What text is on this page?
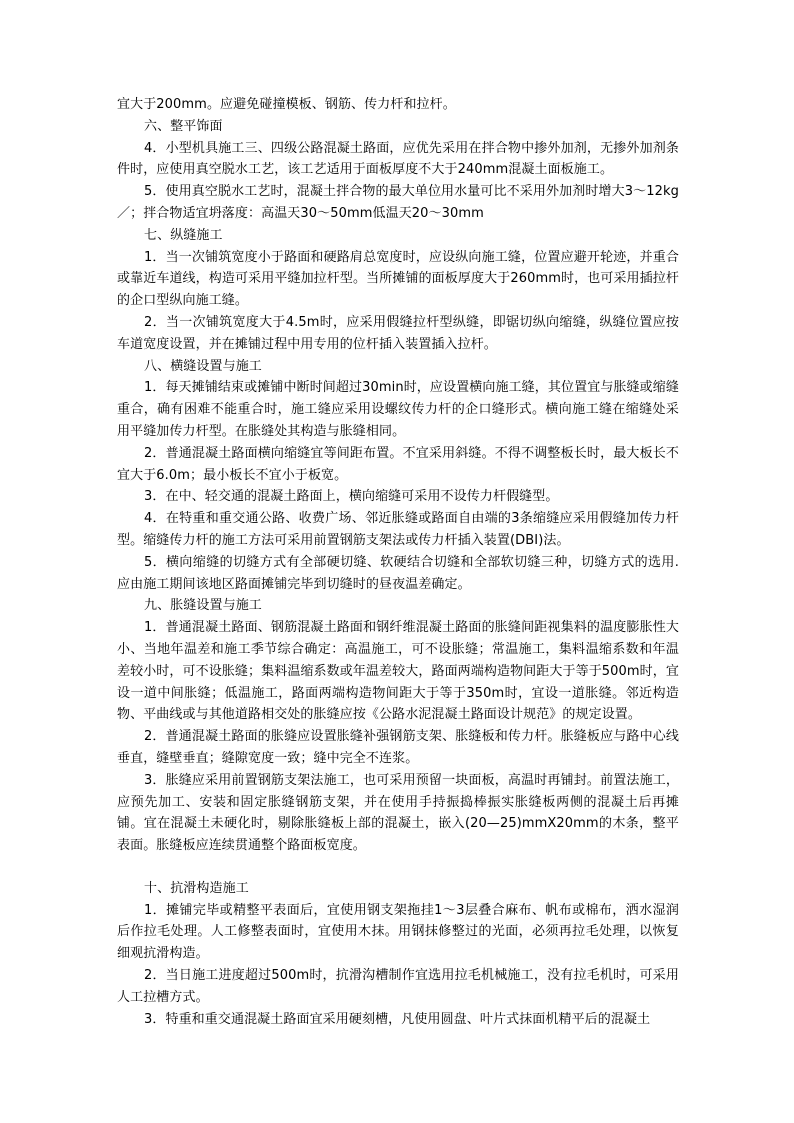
宜大于200mm。应避免碰撞模板、钢筋、传力杆和拉杆。

六、整平饰面

4．小型机具施工三、四级公路混凝土路面，应优先采用在拌合物中掺外加剂，无掺外加剂条件时，应使用真空脱水工艺，该工艺适用于面板厚度不大于240mm混凝土面板施工。

5．使用真空脱水工艺时，混凝土拌合物的最大单位用水量可比不采用外加剂时增大3～12kg／；拌合物适宜坍落度：高温天30～50mm低温天20～30mm

七、纵缝施工

1．当一次铺筑宽度小于路面和硬路肩总宽度时，应设纵向施工缝，位置应避开轮迹，并重合或靠近车道线，构造可采用平缝加拉杆型。当所摊铺的面板厚度大于260mm时，也可采用插拉杆的企口型纵向施工缝。

2．当一次铺筑宽度大于4.5m时，应采用假缝拉杆型纵缝，即锯切纵向缩缝，纵缝位置应按车道宽度设置，并在摊铺过程中用专用的位杆插入装置插入拉杆。

八、横缝设置与施工

1．每天摊铺结束或摊铺中断时间超过30min时，应设置横向施工缝，其位置宜与胀缝或缩缝重合，确有困难不能重合时，施工缝应采用设螺纹传力杆的企口缝形式。横向施工缝在缩缝处采用平缝加传力杆型。在胀缝处其构造与胀缝相同。

2．普通混凝土路面横向缩缝宜等间距布置。不宜采用斜缝。不得不调整板长时，最大板长不宜大于6.0m；最小板长不宜小于板宽。

3．在中、轻交通的混凝土路面上，横向缩缝可采用不设传力杆假缝型。

4．在特重和重交通公路、收费广场、邻近胀缝或路面自由端的3条缩缝应采用假缝加传力杆型。缩缝传力杆的施工方法可采用前置钢筋支架法或传力杆插入装置(DBI)法。

5．横向缩缝的切缝方式有全部硬切缝、软硬结合切缝和全部软切缝三种，切缝方式的选用. 应由施工期间该地区路面摊铺完毕到切缝时的昼夜温差确定。

九、胀缝设置与施工

1．普通混凝土路面、钢筋混凝土路面和钢纤维混凝土路面的胀缝间距视集料的温度膨胀性大小、当地年温差和施工季节综合确定：高温施工，可不设胀缝；常温施工，集料温缩系数和年温差较小时，可不设胀缝；集料温缩系数或年温差较大，路面两端构造物间距大于等于500m时，宜设一道中间胀缝；低温施工，路面两端构造物间距大于等于350m时，宜设一道胀缝。邻近构造物、平曲线或与其他道路相交处的胀缝应按《公路水泥混凝土路面设计规范》的规定设置。

2．普通混凝土路面的胀缝应设置胀缝补强钢筋支架、胀缝板和传力杆。胀缝板应与路中心线垂直，缝壁垂直；缝隙宽度一致；缝中完全不连浆。

3．胀缝应采用前置钢筋支架法施工，也可采用预留一块面板，高温时再铺封。前置法施工，应预先加工、安装和固定胀缝钢筋支架，并在使用手持振捣棒振实胀缝板两侧的混凝土后再摊铺。宜在混凝土未硬化时，剔除胀缝板上部的混凝土，嵌入(20—25)mmX20mm的木条，整平表面。胀缝板应连续贯通整个路面板宽度。

十、抗滑构造施工

1．摊铺完毕或精整平表面后，宜使用钢支架拖挂1～3层叠合麻布、帆布或棉布，洒水湿润后作拉毛处理。人工修整表面时，宜使用木抹。用钢抹修整过的光面，必须再拉毛处理，以恢复细观抗滑构造。

2．当日施工进度超过500m时，抗滑沟槽制作宜选用拉毛机械施工，没有拉毛机时，可采用人工拉槽方式。

3．特重和重交通混凝土路面宜采用硬刻槽，凡使用圆盘、叶片式抹面机精平后的混凝土
